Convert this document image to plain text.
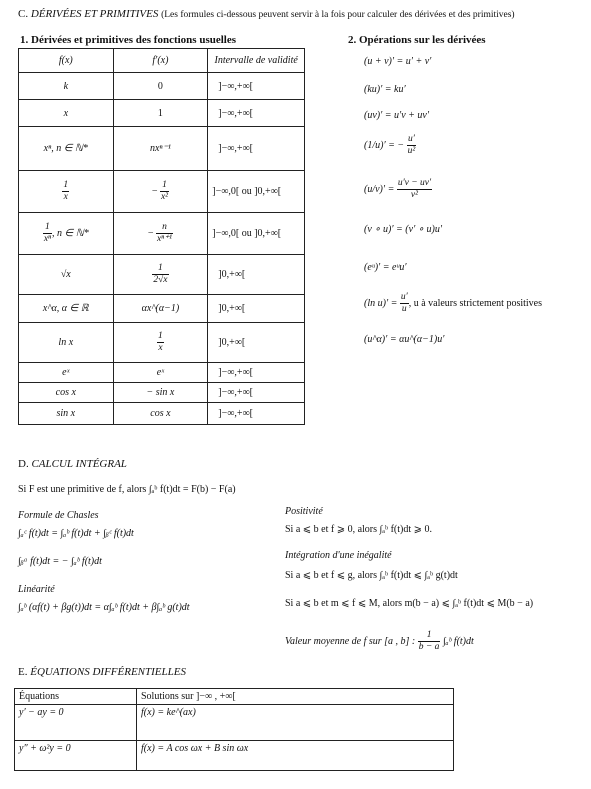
C. DÉRIVÉES ET PRIMITIVES (Les formules ci-dessous peuvent servir à la fois pour calculer des dérivées et des primitives)
1. Dérivées et primitives des fonctions usuelles
f(x)	f′(x)	Intervalle de validité
k	0	]−∞,+∞[
x	1	]−∞,+∞[
xⁿ, n ∈ ℕ*	nxⁿ⁻¹	]−∞,+∞[

$\frac{1}{x}$	− $\frac{1}{\text{x²}}$	]−∞,0[ ou ]0,+∞[

$\frac{1}{\text{xⁿ}}$ , n ∈ ℕ*	− $\frac{n}{\text{xⁿ⁺¹}}$	]−∞,0[ ou ]0,+∞[
√x	$\frac{1}{2√x}$	]0,+∞[
x^α, α ∈ ℝ	αx^(α−1)	]0,+∞[
ln x	$\frac{1}{x}$	]0,+∞[
eˣ	eˣ	]−∞,+∞[
cos x	− sin x	]−∞,+∞[
sin x	cos x	]−∞,+∞[
2. Opérations sur les dérivées
(u + v)′ = u′ + v′
(ku)′ = ku′
(uv)′ = u′v + uv′
(1/u)′ = − $\frac{u'}{\text{u²}}$
$(u/v)' = \frac{u'v - uv'}{\text{v²}}$
(v ∘ u)′ = (v′ ∘ u)u′
(eᵘ)′ = eᵘu′
(ln $u)' = \frac{u'}{u}$ , u à valeurs strictement positives
(u^α)′ = αu^(α−1)u′
D. CALCUL INTÉGRAL
Si F est une primitive de f, alors ∫ₐᵇ f(t)dt = F(b) − F(a)
Formule de Chasles
∫ₐᶜ f(t)dt = ∫ₐᵇ f(t)dt + ∫ᵦᶜ f(t)dt
∫ᵦᵃ f(t)dt = − ∫ₐᵇ f(t)dt
Linéarité
∫ₐᵇ (αf(t) + βg(t))dt = α∫ₐᵇ f(t)dt + β∫ₐᵇ g(t)dt
Positivité
Si a ⩽ b et f ⩾ 0, alors ∫ₐᵇ f(t)dt ⩾ 0.
Intégration d'une inégalité
Si a ⩽ b et f ⩽ g, alors ∫ₐᵇ f(t)dt ⩽ ∫ₐᵇ g(t)dt
Si a ⩽ b et m ⩽ f ⩽ M, alors m(b − a) ⩽ ∫ₐᵇ f(t)dt ⩽ M(b − a)
Valeur moyenne de f sur [a , b] : $\frac{1}{b - a}$ ∫ₐᵇ f(t)dt
E. ÉQUATIONS DIFFÉRENTIELLES
Équations	Solutions sur ]−∞ , +∞[
y′ − ay = 0	f(x) = ke^(ax)
y″ + ω²y = 0	f(x) = A cos ωx + B sin ωx
